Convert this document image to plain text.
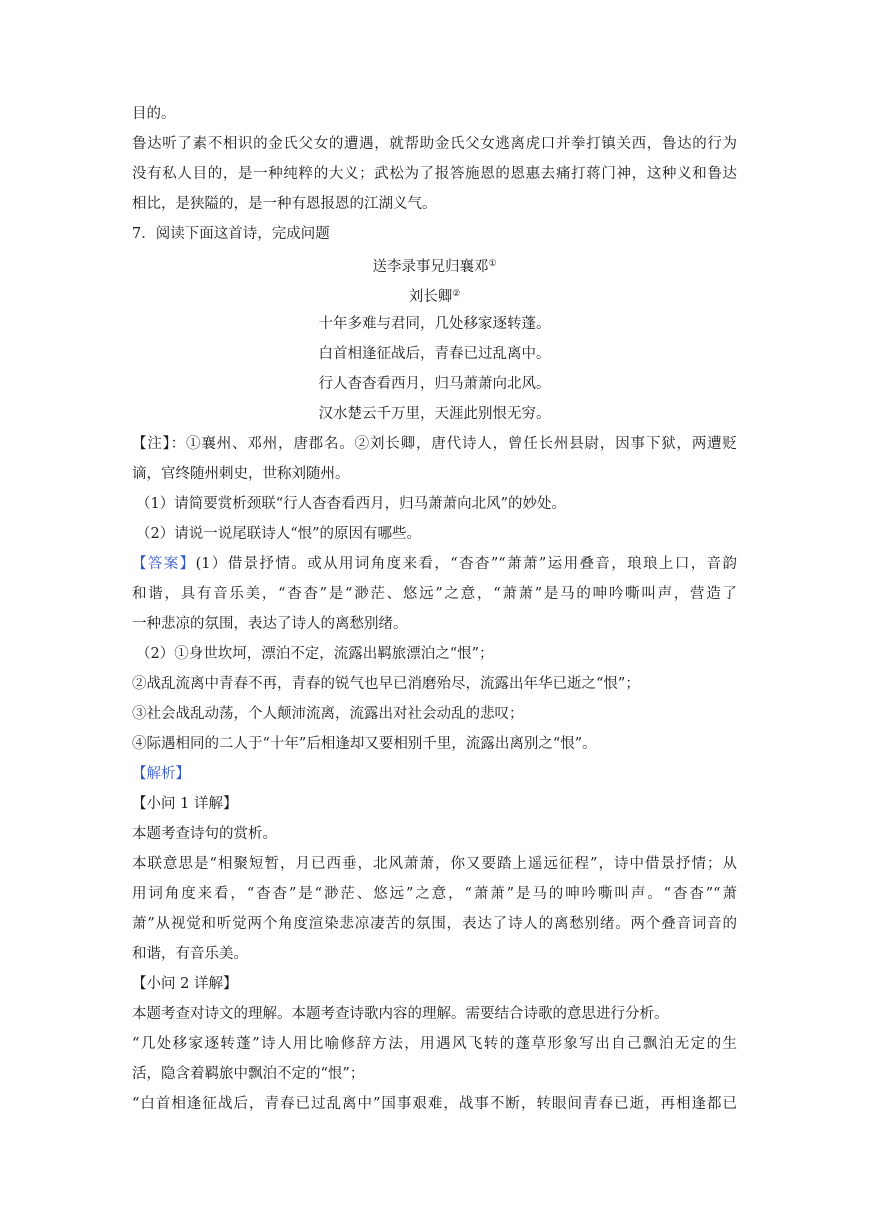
目的。
鲁达听了素不相识的金氏父女的遭遇，就帮助金氏父女逃离虎口并拳打镇关西，鲁达的行为
没有私人目的，是一种纯粹的大义；武松为了报答施恩的恩惠去痛打蒋门神，这种义和鲁达
相比，是狭隘的，是一种有恩报恩的江湖义气。
7．阅读下面这首诗，完成问题
送李录事兄归襄邓①
刘长卿②
十年多难与君同，几处移家逐转蓬。
白首相逢征战后，青春已过乱离中。
行人杳杳看西月，归马萧萧向北风。
汉水楚云千万里，天涯此别恨无穷。
【注】：①襄州、邓州，唐郡名。②刘长卿，唐代诗人，曾任长州县尉，因事下狱，两遭贬
谪，官终随州刺史，世称刘随州。
（1）请简要赏析颈联“行人杳杳看西月，归马萧萧向北风”的妙处。
（2）请说一说尾联诗人“恨”的原因有哪些。
【答案】(1）借景抒情。或从用词角度来看，“杳杳”“萧萧”运用叠音，琅琅上口，音韵
和谐，具有音乐美，“杳杳”是“渺茫、悠远”之意，“萧萧”是马的呻吟嘶叫声，营造了
一种悲凉的氛围，表达了诗人的离愁别绪。
（2）①身世坎坷，漂泊不定，流露出羁旅漂泊之“恨”；
②战乱流离中青春不再，青春的锐气也早已消磨殆尽，流露出年华已逝之“恨”；
③社会战乱动荡，个人颠沛流离，流露出对社会动乱的悲叹；
④际遇相同的二人于“十年”后相逢却又要相别千里，流露出离别之“恨”。
【解析】
【小问 1 详解】
本题考查诗句的赏析。
本联意思是“相聚短暂，月已西垂，北风萧萧，你又要踏上遥远征程”，诗中借景抒情；从
用词角度来看，“杳杳”是“渺茫、悠远”之意，“萧萧”是马的呻吟嘶叫声。“杳杳”“萧
萧”从视觉和听觉两个角度渲染悲凉凄苦的氛围，表达了诗人的离愁别绪。两个叠音词音的
和谐，有音乐美。
【小问 2 详解】
本题考查对诗文的理解。本题考查诗歌内容的理解。需要结合诗歌的意思进行分析。
“几处移家逐转蓬”诗人用比喻修辞方法，用遇风飞转的蓬草形象写出自己飘泊无定的生
活，隐含着羁旅中飘泊不定的“恨”；
“白首相逢征战后，青春已过乱离中”国事艰难，战事不断，转眼间青春已逝，再相逢都已
